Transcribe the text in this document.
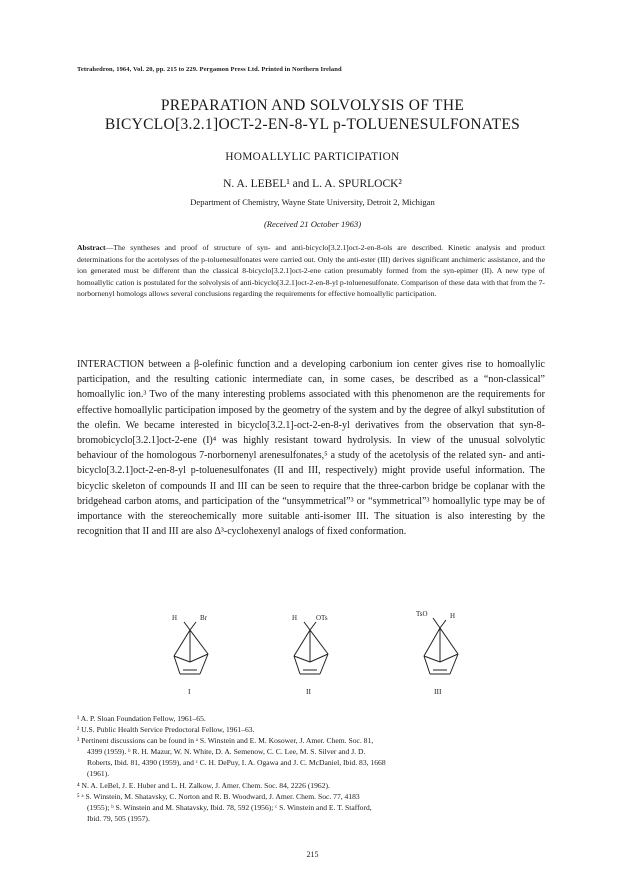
Tetrahedron, 1964, Vol. 20, pp. 215 to 229. Pergamon Press Ltd. Printed in Northern Ireland
PREPARATION AND SOLVOLYSIS OF THE
BICYCLO[3.2.1]OCT-2-EN-8-YL p-TOLUENESULFONATES
HOMOALLYLIC PARTICIPATION
N. A. LEBEL¹ and L. A. SPURLOCK²
Department of Chemistry, Wayne State University, Detroit 2, Michigan
(Received 21 October 1963)
Abstract—The syntheses and proof of structure of syn- and anti-bicyclo[3.2.1]oct-2-en-8-ols are described. Kinetic analysis and product determinations for the acetolyses of the p-toluenesulfonates were carried out. Only the anti-ester (III) derives significant anchimeric assistance, and the ion generated must be different than the classical 8-bicyclo[3.2.1]oct-2-ene cation presumably formed from the syn-epimer (II). A new type of homoallylic cation is postulated for the solvolysis of anti-bicyclo[3.2.1]oct-2-en-8-yl p-toluenesulfonate. Comparison of these data with that from the 7-norbornenyl homologs allows several conclusions regarding the requirements for effective homoallylic participation.
INTERACTION between a β-olefinic function and a developing carbonium ion center gives rise to homoallylic participation, and the resulting cationic intermediate can, in some cases, be described as a “non-classical” homoallylic ion.³ Two of the many interesting problems associated with this phenomenon are the requirements for effective homoallylic participation imposed by the geometry of the system and by the degree of alkyl substitution of the olefin. We became interested in bicyclo[3.2.1]-oct-2-en-8-yl derivatives from the observation that syn-8-bromobicyclo[3.2.1]oct-2-ene (I)⁴ was highly resistant toward hydrolysis. In view of the unusual solvolytic behaviour of the homologous 7-norbornenyl arenesulfonates,⁵ a study of the acetolysis of the related syn- and anti-bicyclo[3.2.1]oct-2-en-8-yl p-toluenesulfonates (II and III, respectively) might provide useful information. The bicyclic skeleton of compounds II and III can be seen to require that the three-carbon bridge be coplanar with the bridgehead carbon atoms, and participation of the “unsymmetrical”³ or “symmetrical”³ homoallylic type may be of importance with the stereochemically more suitable anti-isomer III. The situation is also interesting by the recognition that II and III are also Δ³-cyclohexenyl analogs of fixed conformation.
H	Br
I
H	OTs
II
TsO	H
III

¹ A. P. Sloan Foundation Fellow, 1961–65.

² U.S. Public Health Service Predoctoral Fellow, 1961–63.

³ Pertinent discussions can be found in ᵃ S. Winstein and E. M. Kosower, J. Amer. Chem. Soc. 81,

4399 (1959). ᵇ R. H. Mazur, W. N. White, D. A. Semenow, C. C. Lee, M. S. Silver and J. D.

Roberts, Ibid. 81, 4390 (1959), and ᶜ C. H. DePuy, I. A. Ogawa and J. C. McDaniel, Ibid. 83, 1668

(1961).

⁴ N. A. LeBel, J. E. Huber and L. H. Zalkow, J. Amer. Chem. Soc. 84, 2226 (1962).

⁵ ᵃ S. Winstein, M. Shatavsky, C. Norton and R. B. Woodward, J. Amer. Chem. Soc. 77, 4183

(1955); ᵇ S. Winstein and M. Shatavsky, Ibid. 78, 592 (1956); ᶜ S. Winstein and E. T. Stafford,

Ibid. 79, 505 (1957).

215
